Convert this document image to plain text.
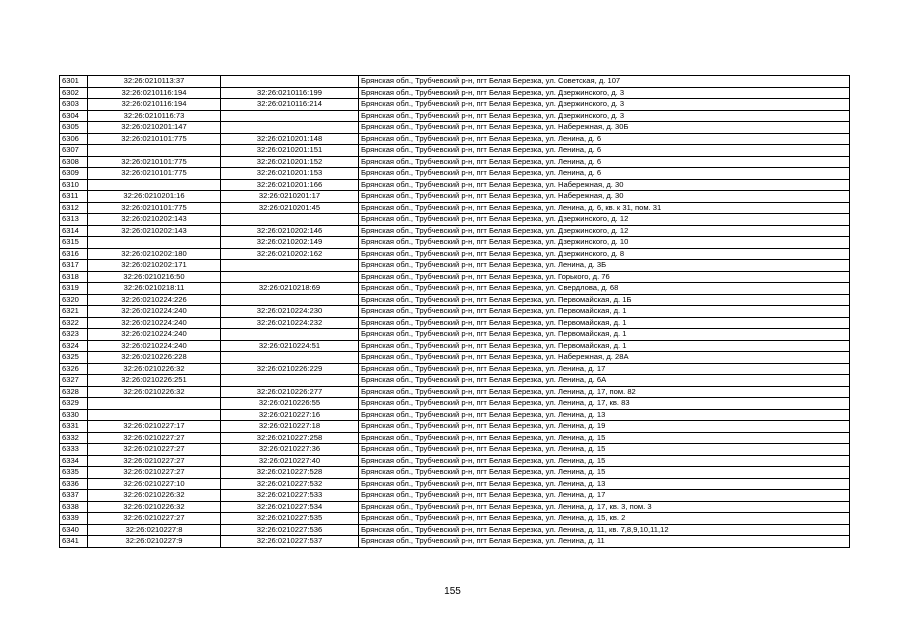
6301	32:26:0210113:37		Брянская обл., Трубчевский р-н, пгт Белая Березка, ул. Советская, д. 107
6302	32:26:0210116:194	32:26:0210116:199	Брянская обл., Трубчевский р-н, пгт Белая Березка, ул. Дзержинского, д. 3
6303	32:26:0210116:194	32:26:0210116:214	Брянская обл., Трубчевский р-н, пгт Белая Березка, ул. Дзержинского, д. 3
6304	32:26:0210116:73		Брянская обл., Трубчевский р-н, пгт Белая Березка, ул. Дзержинского, д. 3
6305	32:26:0210201:147		Брянская обл., Трубчевский р-н, пгт Белая Березка, ул. Набережная, д. 30Б
6306	32:26:0210101:775	32:26:0210201:148	Брянская обл., Трубчевский р-н, пгт Белая Березка, ул. Ленина, д. 6
6307		32:26:0210201:151	Брянская обл., Трубчевский р-н, пгт Белая Березка, ул. Ленина, д. 6
6308	32:26:0210101:775	32:26:0210201:152	Брянская обл., Трубчевский р-н, пгт Белая Березка, ул. Ленина, д. 6
6309	32:26:0210101:775	32:26:0210201:153	Брянская обл., Трубчевский р-н, пгт Белая Березка, ул. Ленина, д. 6
6310		32:26:0210201:166	Брянская обл., Трубчевский р-н, пгт Белая Березка, ул. Набережная, д. 30
6311	32:26:0210201:16	32:26:0210201:17	Брянская обл., Трубчевский р-н, пгт Белая Березка, ул. Набережная, д. 30
6312	32:26:0210101:775	32:26:0210201:45	Брянская обл., Трубчевский р-н, пгт Белая Березка, ул. Ленина, д. 6, кв. к 31, пом. 31
6313	32:26:0210202:143		Брянская обл., Трубчевский р-н, пгт Белая Березка, ул. Дзержинского, д. 12
6314	32:26:0210202:143	32:26:0210202:146	Брянская обл., Трубчевский р-н, пгт Белая Березка, ул. Дзержинского, д. 12
6315		32:26:0210202:149	Брянская обл., Трубчевский р-н, пгт Белая Березка, ул. Дзержинского, д. 10
6316	32:26:0210202:180	32:26:0210202:162	Брянская обл., Трубчевский р-н, пгт Белая Березка, ул. Дзержинского, д. 8
6317	32:26:0210202:171		Брянская обл., Трубчевский р-н, пгт Белая Березка, ул. Ленина, д. 3Б
6318	32:26:0210216:50		Брянская обл., Трубчевский р-н, пгт Белая Березка, ул. Горького, д. 76
6319	32:26:0210218:11	32:26:0210218:69	Брянская обл., Трубчевский р-н, пгт Белая Березка, ул. Свердлова, д. 68
6320	32:26:0210224:226		Брянская обл., Трубчевский р-н, пгт Белая Березка, ул. Первомайская, д. 1Б
6321	32:26:0210224:240	32:26:0210224:230	Брянская обл., Трубчевский р-н, пгт Белая Березка, ул. Первомайская, д. 1
6322	32:26:0210224:240	32:26:0210224:232	Брянская обл., Трубчевский р-н, пгт Белая Березка, ул. Первомайская, д. 1
6323	32:26:0210224:240		Брянская обл., Трубчевский р-н, пгт Белая Березка, ул. Первомайская, д. 1
6324	32:26:0210224:240	32:26:0210224:51	Брянская обл., Трубчевский р-н, пгт Белая Березка, ул. Первомайская, д. 1
6325	32:26:0210226:228		Брянская обл., Трубчевский р-н, пгт Белая Березка, ул. Набережная, д. 28А
6326	32:26:0210226:32	32:26:0210226:229	Брянская обл., Трубчевский р-н, пгт Белая Березка, ул. Ленина, д. 17
6327	32:26:0210226:251		Брянская обл., Трубчевский р-н, пгт Белая Березка, ул. Ленина, д. 6А
6328	32:26:0210226:32	32:26:0210226:277	Брянская обл., Трубчевский р-н, пгт Белая Березка, ул. Ленина, д. 17, пом. 82
6329		32:26:0210226:55	Брянская обл., Трубчевский р-н, пгт Белая Березка, ул. Ленина, д. 17, кв. 83
6330		32:26:0210227:16	Брянская обл., Трубчевский р-н, пгт Белая Березка, ул. Ленина, д. 13
6331	32:26:0210227:17	32:26:0210227:18	Брянская обл., Трубчевский р-н, пгт Белая Березка, ул. Ленина, д. 19
6332	32:26:0210227:27	32:26:0210227:258	Брянская обл., Трубчевский р-н, пгт Белая Березка, ул. Ленина, д. 15
6333	32:26:0210227:27	32:26:0210227:36	Брянская обл., Трубчевский р-н, пгт Белая Березка, ул. Ленина, д. 15
6334	32:26:0210227:27	32:26:0210227:40	Брянская обл., Трубчевский р-н, пгт Белая Березка, ул. Ленина, д. 15
6335	32:26:0210227:27	32:26:0210227:528	Брянская обл., Трубчевский р-н, пгт Белая Березка, ул. Ленина, д. 15
6336	32:26:0210227:10	32:26:0210227:532	Брянская обл., Трубчевский р-н, пгт Белая Березка, ул. Ленина, д. 13
6337	32:26:0210226:32	32:26:0210227:533	Брянская обл., Трубчевский р-н, пгт Белая Березка, ул. Ленина, д. 17
6338	32:26:0210226:32	32:26:0210227:534	Брянская обл., Трубчевский р-н, пгт Белая Березка, ул. Ленина, д. 17, кв. 3, пом. 3
6339	32:26:0210227:27	32:26:0210227:535	Брянская обл., Трубчевский р-н, пгт Белая Березка, ул. Ленина, д. 15, кв. 2
6340	32:26:0210227:8	32:26:0210227:536	Брянская обл., Трубчевский р-н, пгт Белая Березка, ул. Ленина, д. 11, кв. 7,8,9,10,11,12
6341	32:26:0210227:9	32:26:0210227:537	Брянская обл., Трубчевский р-н, пгт Белая Березка, ул. Ленина, д. 11
155
